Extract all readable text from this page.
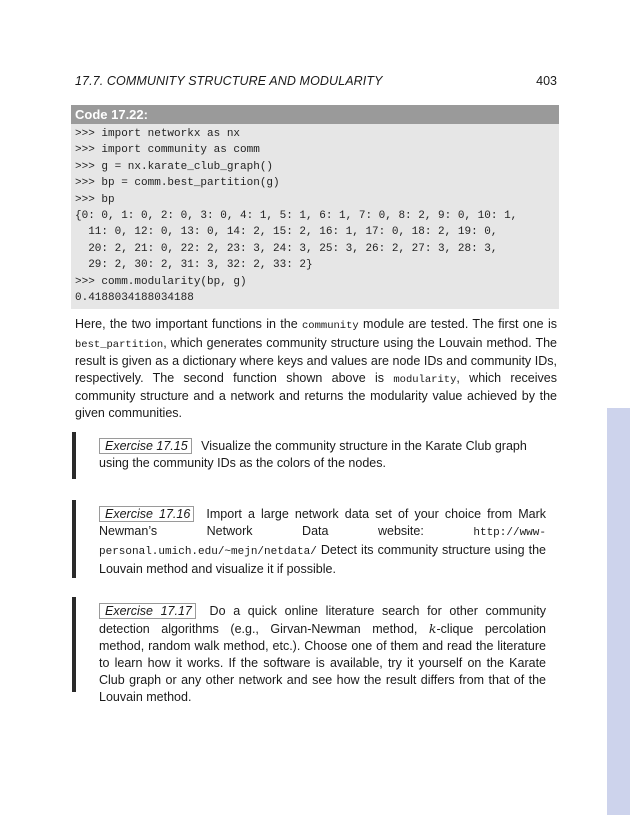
17.7. COMMUNITY STRUCTURE AND MODULARITY	403
Code 17.22:
>>> import networkx as nx
>>> import community as comm
>>> g = nx.karate_club_graph()
>>> bp = comm.best_partition(g)
>>> bp
{0: 0, 1: 0, 2: 0, 3: 0, 4: 1, 5: 1, 6: 1, 7: 0, 8: 2, 9: 0, 10: 1,
11: 0, 12: 0, 13: 0, 14: 2, 15: 2, 16: 1, 17: 0, 18: 2, 19: 0,
20: 2, 21: 0, 22: 2, 23: 3, 24: 3, 25: 3, 26: 2, 27: 3, 28: 3,
29: 2, 30: 2, 31: 3, 32: 2, 33: 2}
>>> comm.modularity(bp, g)
0.4188034188034188

Here, the two important functions in the community module are tested. The first one is best_partition, which generates community structure using the Louvain method. The result is given as a dictionary where keys and values are node IDs and community IDs, respectively. The second function shown above is modularity, which receives community structure and a network and returns the modularity value achieved by the given communities.

Exercise 17.15 Visualize the community structure in the Karate Club graph using the community IDs as the colors of the nodes.
Exercise 17.16 Import a large network data set of your choice from Mark Newman’s Network Data website: http://www-personal.umich.edu/~mejn/netdata/ Detect its community structure using the Louvain method and visualize it if possible.
Exercise 17.17 Do a quick online literature search for other community detection algorithms (e.g., Girvan-Newman method, k-clique percolation method, random walk method, etc.). Choose one of them and read the literature to learn how it works. If the software is available, try it yourself on the Karate Club graph or any other network and see how the result differs from that of the Louvain method.
